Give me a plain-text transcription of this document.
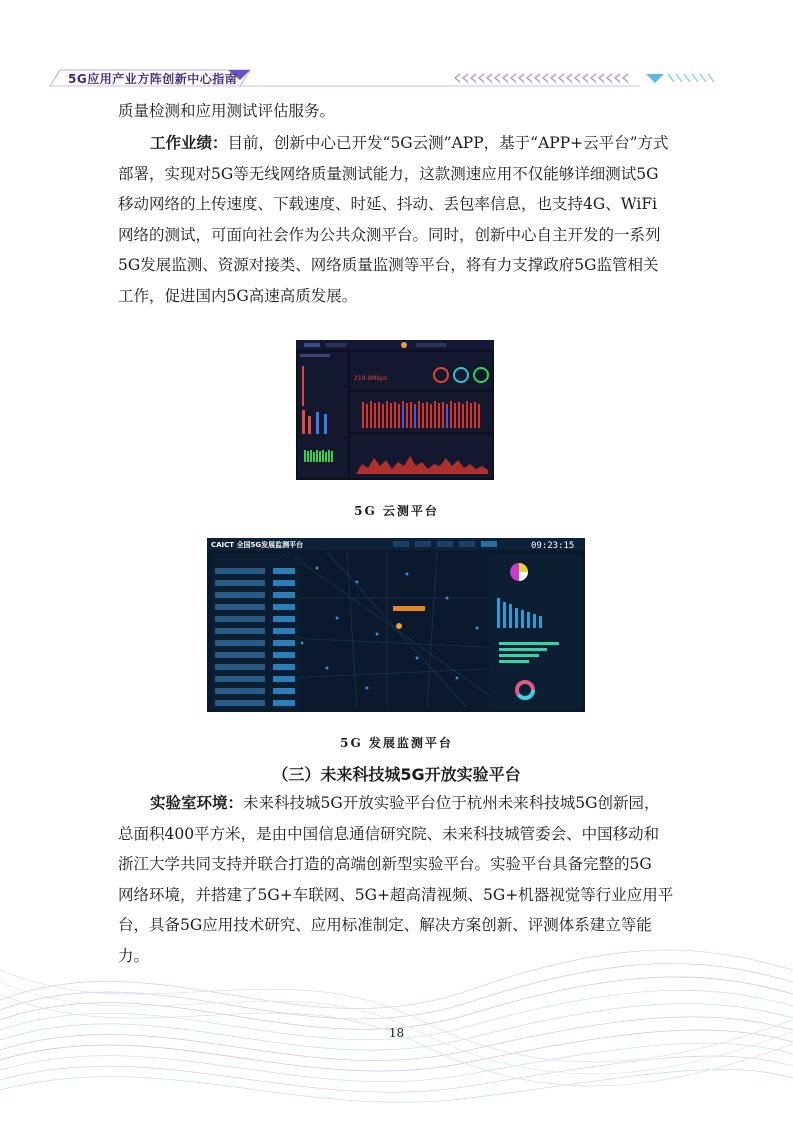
5G应用产业方阵创新中心指南

质量检测和应用测试评估服务。

工作业绩：目前，创新中心已开发“5G云测”APP，基于“APP+云平台”方式
部署，实现对5G等无线网络质量测试能力，这款测速应用不仅能够详细测试5G
移动网络的上传速度、下载速度、时延、抖动、丢包率信息，也支持4G、WiFi
网络的测试，可面向社会作为公共众测平台。同时，创新中心自主开发的一系列
5G发展监测、资源对接类、网络质量监测等平台，将有力支撑政府5G监管相关
工作，促进国内5G高速高质发展。

219.9Mbps
5G 云测平台
CAICT 全国5G发展监测平台	09:23:15
5G 发展监测平台
（三）未来科技城5G开放实验平台

实验室环境：未来科技城5G开放实验平台位于杭州未来科技城5G创新园，
总面积400平方米，是由中国信息通信研究院、未来科技城管委会、中国移动和
浙江大学共同支持并联合打造的高端创新型实验平台。实验平台具备完整的5G
网络环境，并搭建了5G+车联网、5G+超高清视频、5G+机器视觉等行业应用平
台，具备5G应用技术研究、应用标准制定、解决方案创新、评测体系建立等能
力。

18
